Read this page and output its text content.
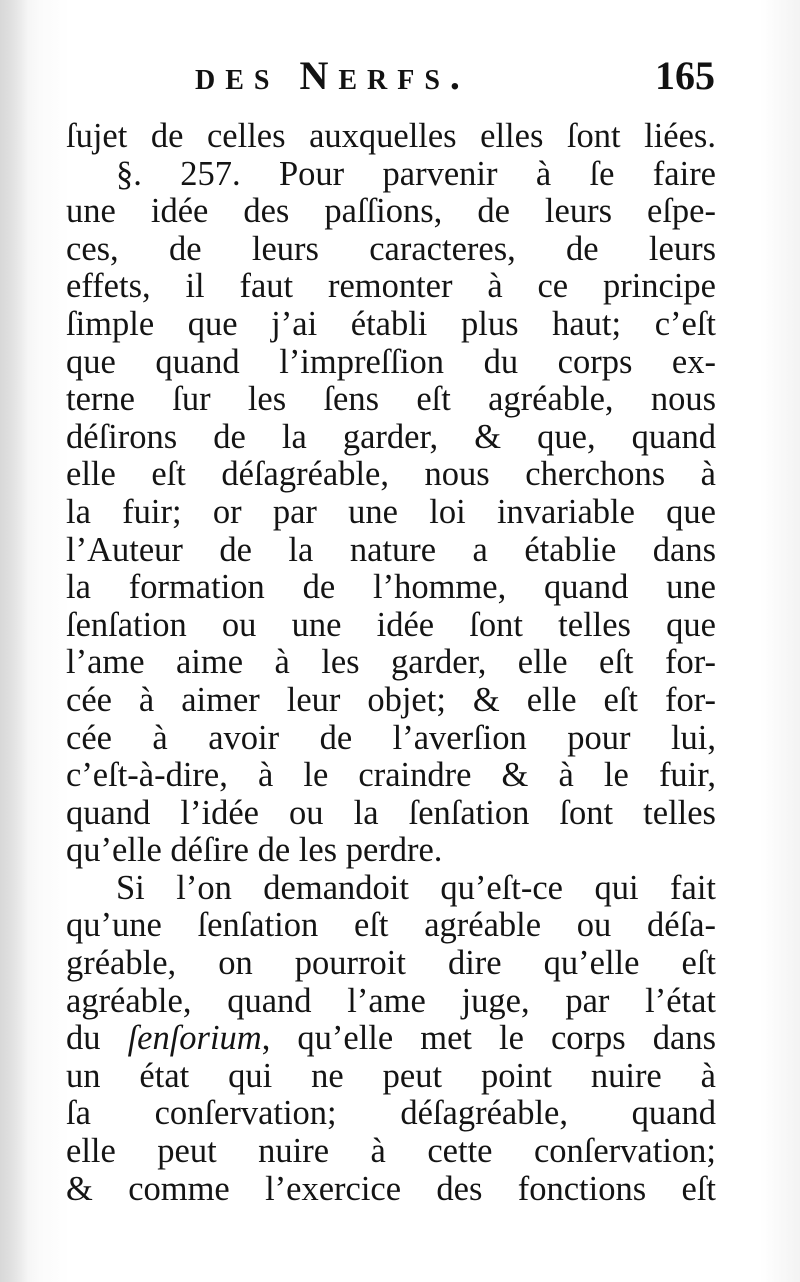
des Nerfs.	165
ſujet de celles auxquelles elles ſont liées.
§. 257. Pour parvenir à ſe faire
une idée des paſſions, de leurs eſpe-
ces, de leurs caracteres, de leurs
effets, il faut remonter à ce principe
ſimple que j’ai établi plus haut; c’eſt
que quand l’impreſſion du corps ex-
terne ſur les ſens eſt agréable, nous
déſirons de la garder, & que, quand
elle eſt déſagréable, nous cherchons à
la fuir; or par une loi invariable que
l’Auteur de la nature a établie dans
la formation de l’homme, quand une
ſenſation ou une idée ſont telles que
l’ame aime à les garder, elle eſt for-
cée à aimer leur objet; & elle eſt for-
cée à avoir de l’averſion pour lui,
c’eſt-à-dire, à le craindre & à le fuir,
quand l’idée ou la ſenſation ſont telles
qu’elle déſire de les perdre.
Si l’on demandoit qu’eſt-ce qui fait
qu’une ſenſation eſt agréable ou déſa-
gréable, on pourroit dire qu’elle eſt
agréable, quand l’ame juge, par l’état
du ſenſorium, qu’elle met le corps dans
un état qui ne peut point nuire à
ſa conſervation; déſagréable, quand
elle peut nuire à cette conſervation;
& comme l’exercice des fonctions eſt
